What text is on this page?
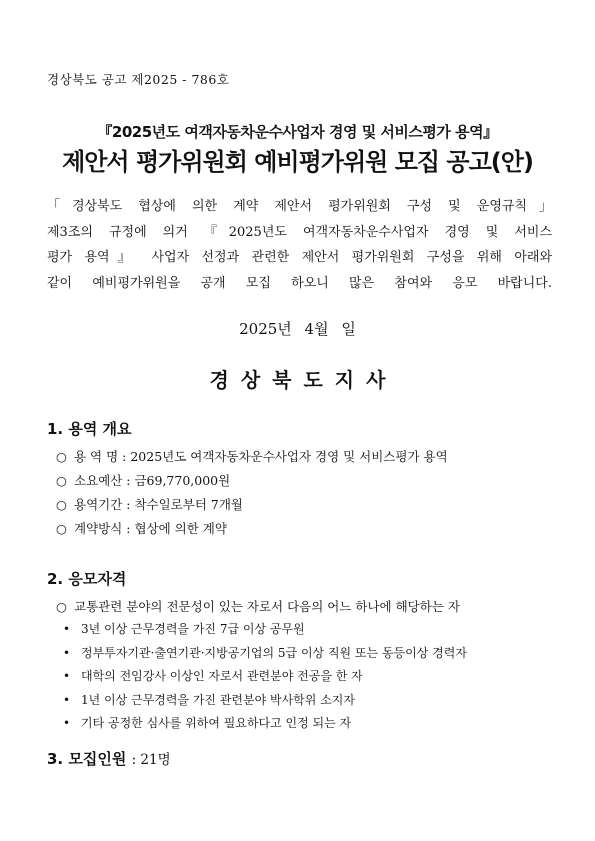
경상북도 공고 제2025 - 786호
『2025년도 여객자동차운수사업자 경영 및 서비스평가 용역』
제안서 평가위원회 예비평가위원 모집 공고(안)
「경상북도 협상에 의한 계약 제안서 평가위원회 구성 및 운영규칙」
제3조의 규정에 의거 『2025년도 여객자동차운수사업자 경영 및 서비스
평가 용역』 사업자 선정과 관련한 제안서 평가위원회 구성을 위해 아래와
같이 예비평가위원을 공개 모집 하오니 많은 참여와 응모 바랍니다.
2025년 4월 일
경상북도지사
1. 용역 개요
○ 용 역 명 : 2025년도 여객자동차운수사업자 경영 및 서비스평가 용역
○ 소요예산 : 금69,770,000원
○ 용역기간 : 착수일로부터 7개월
○ 계약방식 : 협상에 의한 계약
2. 응모자격
○ 교통관련 분야의 전문성이 있는 자로서 다음의 어느 하나에 해당하는 자
• 3년 이상 근무경력을 가진 7급 이상 공무원
• 정부투자기관·출연기관·지방공기업의 5급 이상 직원 또는 동등이상 경력자
• 대학의 전임강사 이상인 자로서 관련분야 전공을 한 자
• 1년 이상 근무경력을 가진 관련분야 박사학위 소지자
• 기타 공정한 심사를 위하여 필요하다고 인정 되는 자
3. 모집인원 : 21명
